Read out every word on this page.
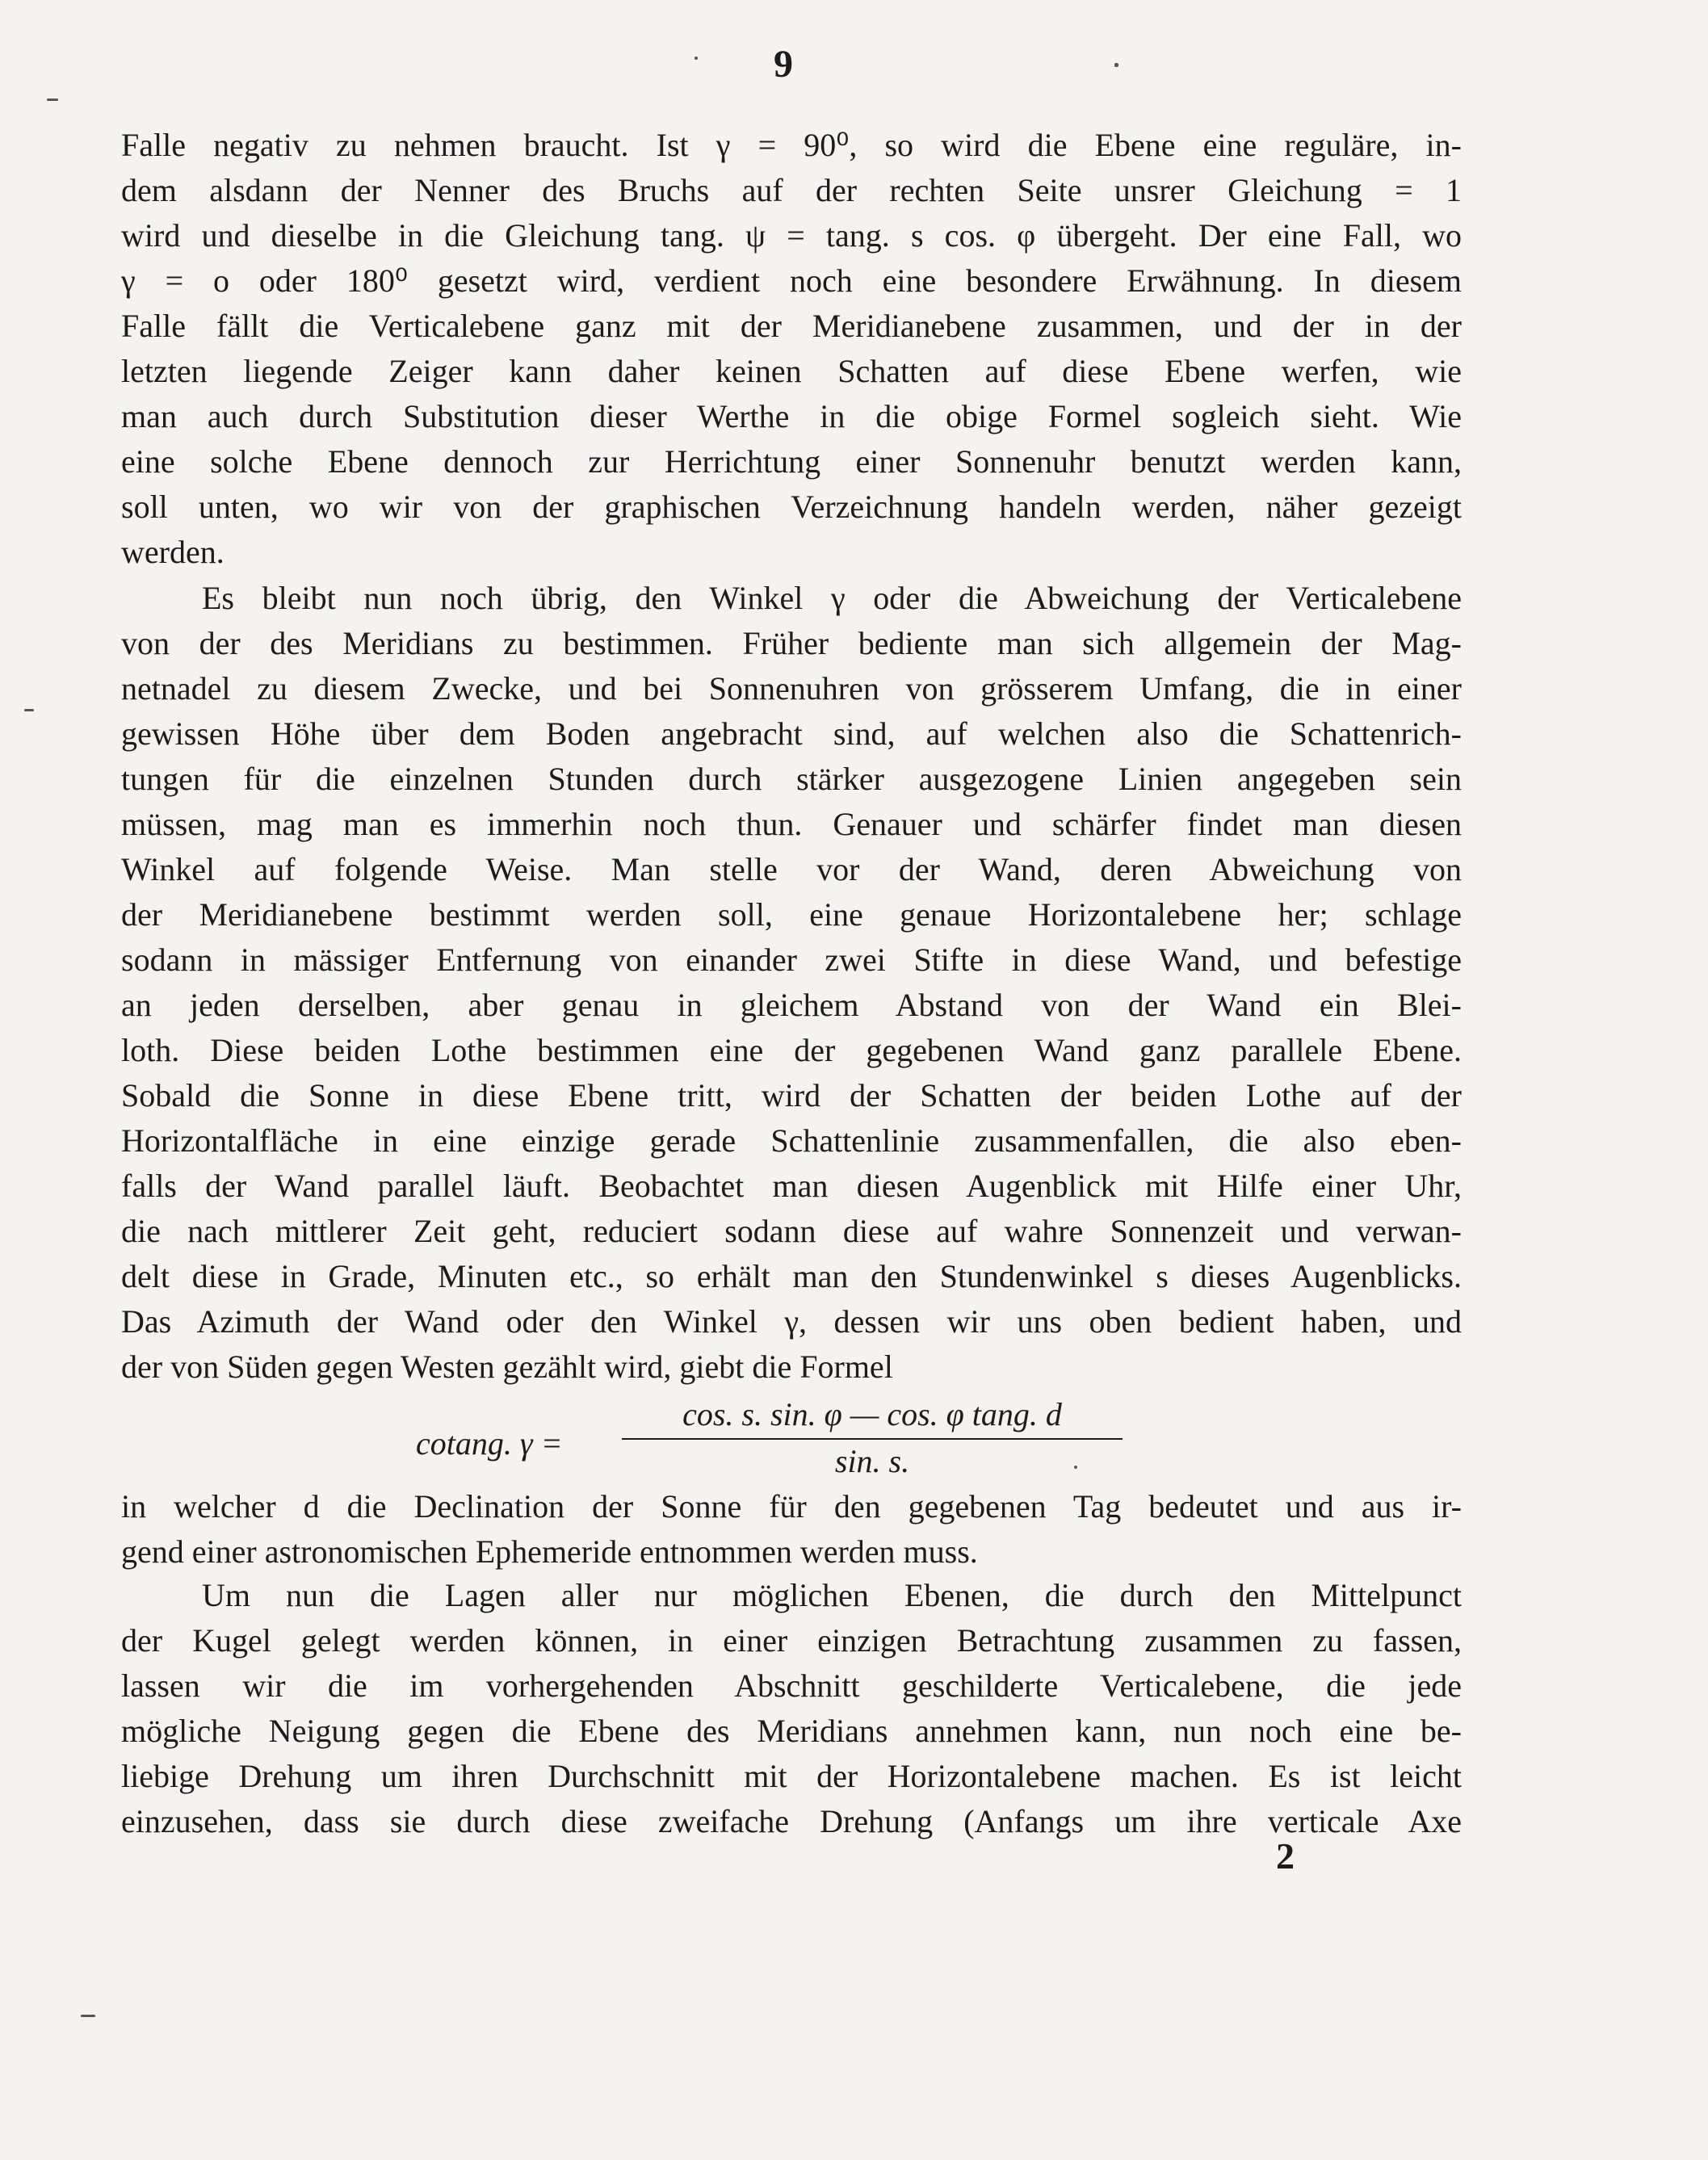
9
Falle negativ zu nehmen braucht. Ist γ = 90⁰, so wird die Ebene eine reguläre, in-
dem alsdann der Nenner des Bruchs auf der rechten Seite unsrer Gleichung = 1
wird und dieselbe in die Gleichung tang. ψ = tang. s cos. φ übergeht. Der eine Fall, wo
γ = o oder 180⁰ gesetzt wird, verdient noch eine besondere Erwähnung. In diesem
Falle fällt die Verticalebene ganz mit der Meridianebene zusammen, und der in der
letzten liegende Zeiger kann daher keinen Schatten auf diese Ebene werfen, wie
man auch durch Substitution dieser Werthe in die obige Formel sogleich sieht. Wie
eine solche Ebene dennoch zur Herrichtung einer Sonnenuhr benutzt werden kann,
soll unten, wo wir von der graphischen Verzeichnung handeln werden, näher gezeigt
werden.
Es bleibt nun noch übrig, den Winkel γ oder die Abweichung der Verticalebene
von der des Meridians zu bestimmen. Früher bediente man sich allgemein der Mag-
netnadel zu diesem Zwecke, und bei Sonnenuhren von grösserem Umfang, die in einer
gewissen Höhe über dem Boden angebracht sind, auf welchen also die Schattenrich-
tungen für die einzelnen Stunden durch stärker ausgezogene Linien angegeben sein
müssen, mag man es immerhin noch thun. Genauer und schärfer findet man diesen
Winkel auf folgende Weise. Man stelle vor der Wand, deren Abweichung von
der Meridianebene bestimmt werden soll, eine genaue Horizontalebene her; schlage
sodann in mässiger Entfernung von einander zwei Stifte in diese Wand, und befestige
an jeden derselben, aber genau in gleichem Abstand von der Wand ein Blei-
loth. Diese beiden Lothe bestimmen eine der gegebenen Wand ganz parallele Ebene.
Sobald die Sonne in diese Ebene tritt, wird der Schatten der beiden Lothe auf der
Horizontalfläche in eine einzige gerade Schattenlinie zusammenfallen, die also eben-
falls der Wand parallel läuft. Beobachtet man diesen Augenblick mit Hilfe einer Uhr,
die nach mittlerer Zeit geht, reduciert sodann diese auf wahre Sonnenzeit und verwan-
delt diese in Grade, Minuten etc., so erhält man den Stundenwinkel s dieses Augenblicks.
Das Azimuth der Wand oder den Winkel γ, dessen wir uns oben bedient haben, und
der von Süden gegen Westen gezählt wird, giebt die Formel
cotang. γ =
cos. s. sin. φ — cos. φ tang. d
sin. s.
in welcher d die Declination der Sonne für den gegebenen Tag bedeutet und aus ir-
gend einer astronomischen Ephemeride entnommen werden muss.
Um nun die Lagen aller nur möglichen Ebenen, die durch den Mittelpunct
der Kugel gelegt werden können, in einer einzigen Betrachtung zusammen zu fassen,
lassen wir die im vorhergehenden Abschnitt geschilderte Verticalebene, die jede
mögliche Neigung gegen die Ebene des Meridians annehmen kann, nun noch eine be-
liebige Drehung um ihren Durchschnitt mit der Horizontalebene machen. Es ist leicht
einzusehen, dass sie durch diese zweifache Drehung (Anfangs um ihre verticale Axe
2
